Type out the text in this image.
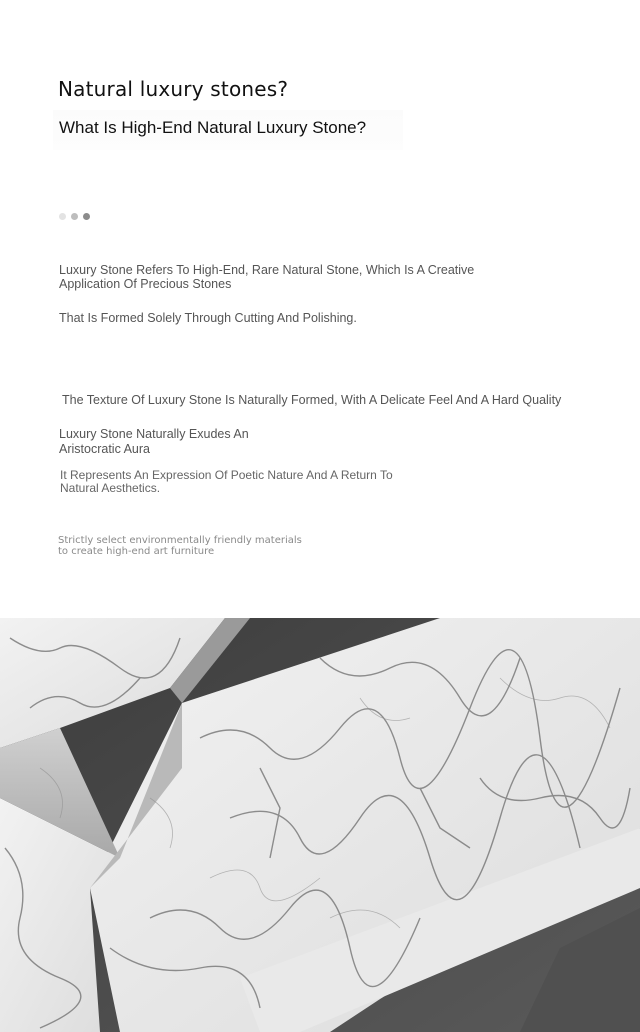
Natural luxury stones?
What Is High-End Natural Luxury Stone?
Luxury Stone Refers To High-End, Rare Natural Stone, Which Is A Creative
Application Of Precious Stones
That Is Formed Solely Through Cutting And Polishing.
The Texture Of Luxury Stone Is Naturally Formed, With A Delicate Feel And A Hard Quality
Luxury Stone Naturally Exudes An
Aristocratic Aura
It Represents An Expression Of Poetic Nature And A Return To
Natural Aesthetics.
Strictly select environmentally friendly materials
to create high-end art furniture
